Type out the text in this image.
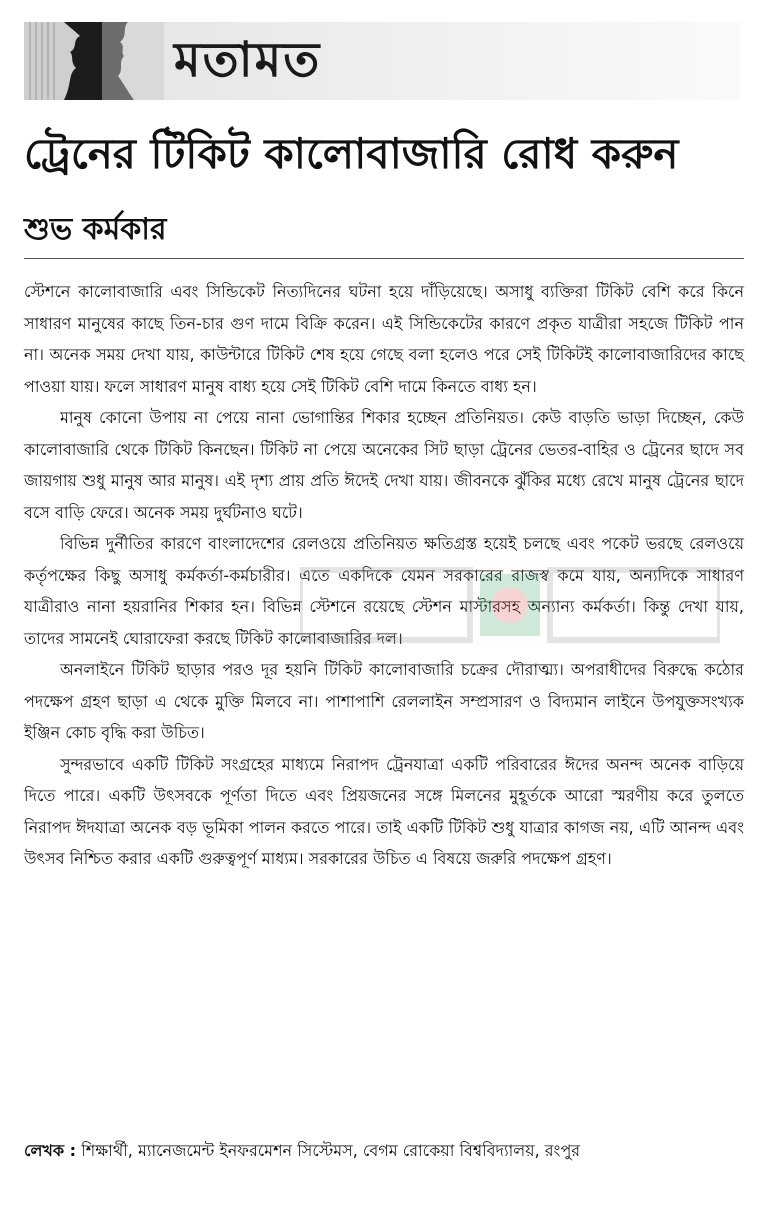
মতামত
ট্রেনের টিকিট কালোবাজারি রোধ করুন
শুভ কর্মকার

স্টেশনে কালোবাজারি এবং সিন্ডিকেট নিত্যদিনের ঘটনা হয়ে দাঁড়িয়েছে। অসাধু ব্যক্তিরা টিকিট বেশি করে কিনে সাধারণ মানুষের কাছে তিন-চার গুণ দামে বিক্রি করেন। এই সিন্ডিকেটের কারণে প্রকৃত যাত্রীরা সহজে টিকিট পান না। অনেক সময় দেখা যায়, কাউন্টারে টিকিট শেষ হয়ে গেছে বলা হলেও পরে সেই টিকিটই কালোবাজারিদের কাছে পাওয়া যায়। ফলে সাধারণ মানুষ বাধ্য হয়ে সেই টিকিট বেশি দামে কিনতে বাধ্য হন।

মানুষ কোনো উপায় না পেয়ে নানা ভোগান্তির শিকার হচ্ছেন প্রতিনিয়ত। কেউ বাড়তি ভাড়া দিচ্ছেন, কেউ কালোবাজারি থেকে টিকিট কিনছেন। টিকিট না পেয়ে অনেকের সিট ছাড়া ট্রেনের ভেতর-বাহির ও ট্রেনের ছাদে সব জায়গায় শুধু মানুষ আর মানুষ। এই দৃশ্য প্রায় প্রতি ঈদেই দেখা যায়। জীবনকে ঝুঁকির মধ্যে রেখে মানুষ ট্রেনের ছাদে বসে বাড়ি ফেরে। অনেক সময় দুর্ঘটনাও ঘটে।

বিভিন্ন দুর্নীতির কারণে বাংলাদেশের রেলওয়ে প্রতিনিয়ত ক্ষতিগ্রস্ত হয়েই চলছে এবং পকেট ভরছে রেলওয়ে কর্তৃপক্ষের কিছু অসাধু কর্মকর্তা-কর্মচারীর। এতে একদিকে যেমন সরকারের রাজস্ব কমে যায়, অন্যদিকে সাধারণ যাত্রীরাও নানা হয়রানির শিকার হন। বিভিন্ন স্টেশনে রয়েছে স্টেশন মাস্টারসহ অন্যান্য কর্মকর্তা। কিন্তু দেখা যায়, তাদের সামনেই ঘোরাফেরা করছে টিকিট কালোবাজারির দল।

অনলাইনে টিকিট ছাড়ার পরও দূর হয়নি টিকিট কালোবাজারি চক্রের দৌরাত্ম্য। অপরাধীদের বিরুদ্ধে কঠোর পদক্ষেপ গ্রহণ ছাড়া এ থেকে মুক্তি মিলবে না। পাশাপাশি রেললাইন সম্প্রসারণ ও বিদ্যমান লাইনে উপযুক্তসংখ্যক ইঞ্জিন কোচ বৃদ্ধি করা উচিত।

সুন্দরভাবে একটি টিকিট সংগ্রহের মাধ্যমে নিরাপদ ট্রেনযাত্রা একটি পরিবারের ঈদের অনন্দ অনেক বাড়িয়ে দিতে পারে। একটি উৎসবকে পূর্ণতা দিতে এবং প্রিয়জনের সঙ্গে মিলনের মুহূর্তকে আরো স্মরণীয় করে তুলতে নিরাপদ ঈদযাত্রা অনেক বড় ভূমিকা পালন করতে পারে। তাই একটি টিকিট শুধু যাত্রার কাগজ নয়, এটি আনন্দ এবং উৎসব নিশ্চিত করার একটি গুরুত্বপূর্ণ মাধ্যম। সরকারের উচিত এ বিষয়ে জরুরি পদক্ষেপ গ্রহণ।

লেখক : শিক্ষার্থী, ম্যানেজমেন্ট ইনফরমেশন সিস্টেমস, বেগম রোকেয়া বিশ্ববিদ্যালয়, রংপুর
